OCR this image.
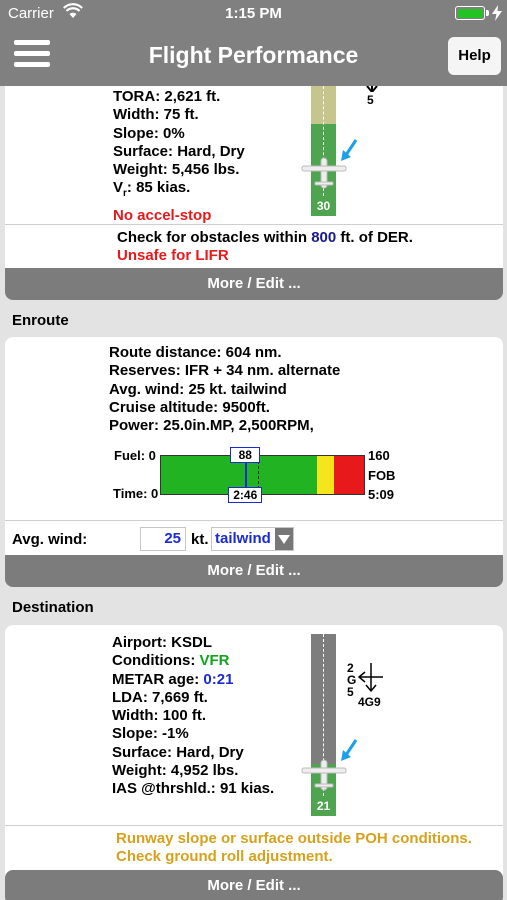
Carrier	1:15 PM
Flight Performance	Help
TORA: 2,621 ft.
Width: 75 ft.
Slope: 0%
Surface: Hard, Dry
Weight: 5,456 lbs.
$V_r$: 85 kias.
No accel-stop
30
5
Check for obstacles within 800 ft. of DER.
Unsafe for LIFR
More / Edit ...
Enroute
Route distance: 604 nm.
Reserves: IFR + 34 nm. alternate
Avg. wind: 25 kt. tailwind
Cruise altitude: 9500ft.
Power: 25.0in.MP, 2,500RPM,
Fuel: 0
Time: 0
88
2:46
160
FOB
5:09
Avg. wind:	25 kt. tailwind
More / Edit ...
Destination
Airport: KSDL
Conditions: VFR
METAR age: 0:21
LDA: 7,669 ft.
Width: 100 ft.
Slope: -1%
Surface: Hard, Dry
Weight: 4,952 lbs.
IAS @thrshld.: 91 kias.
21
2
G
5
4G9
Runway slope or surface outside POH conditions.
Check ground roll adjustment.
More / Edit ...
